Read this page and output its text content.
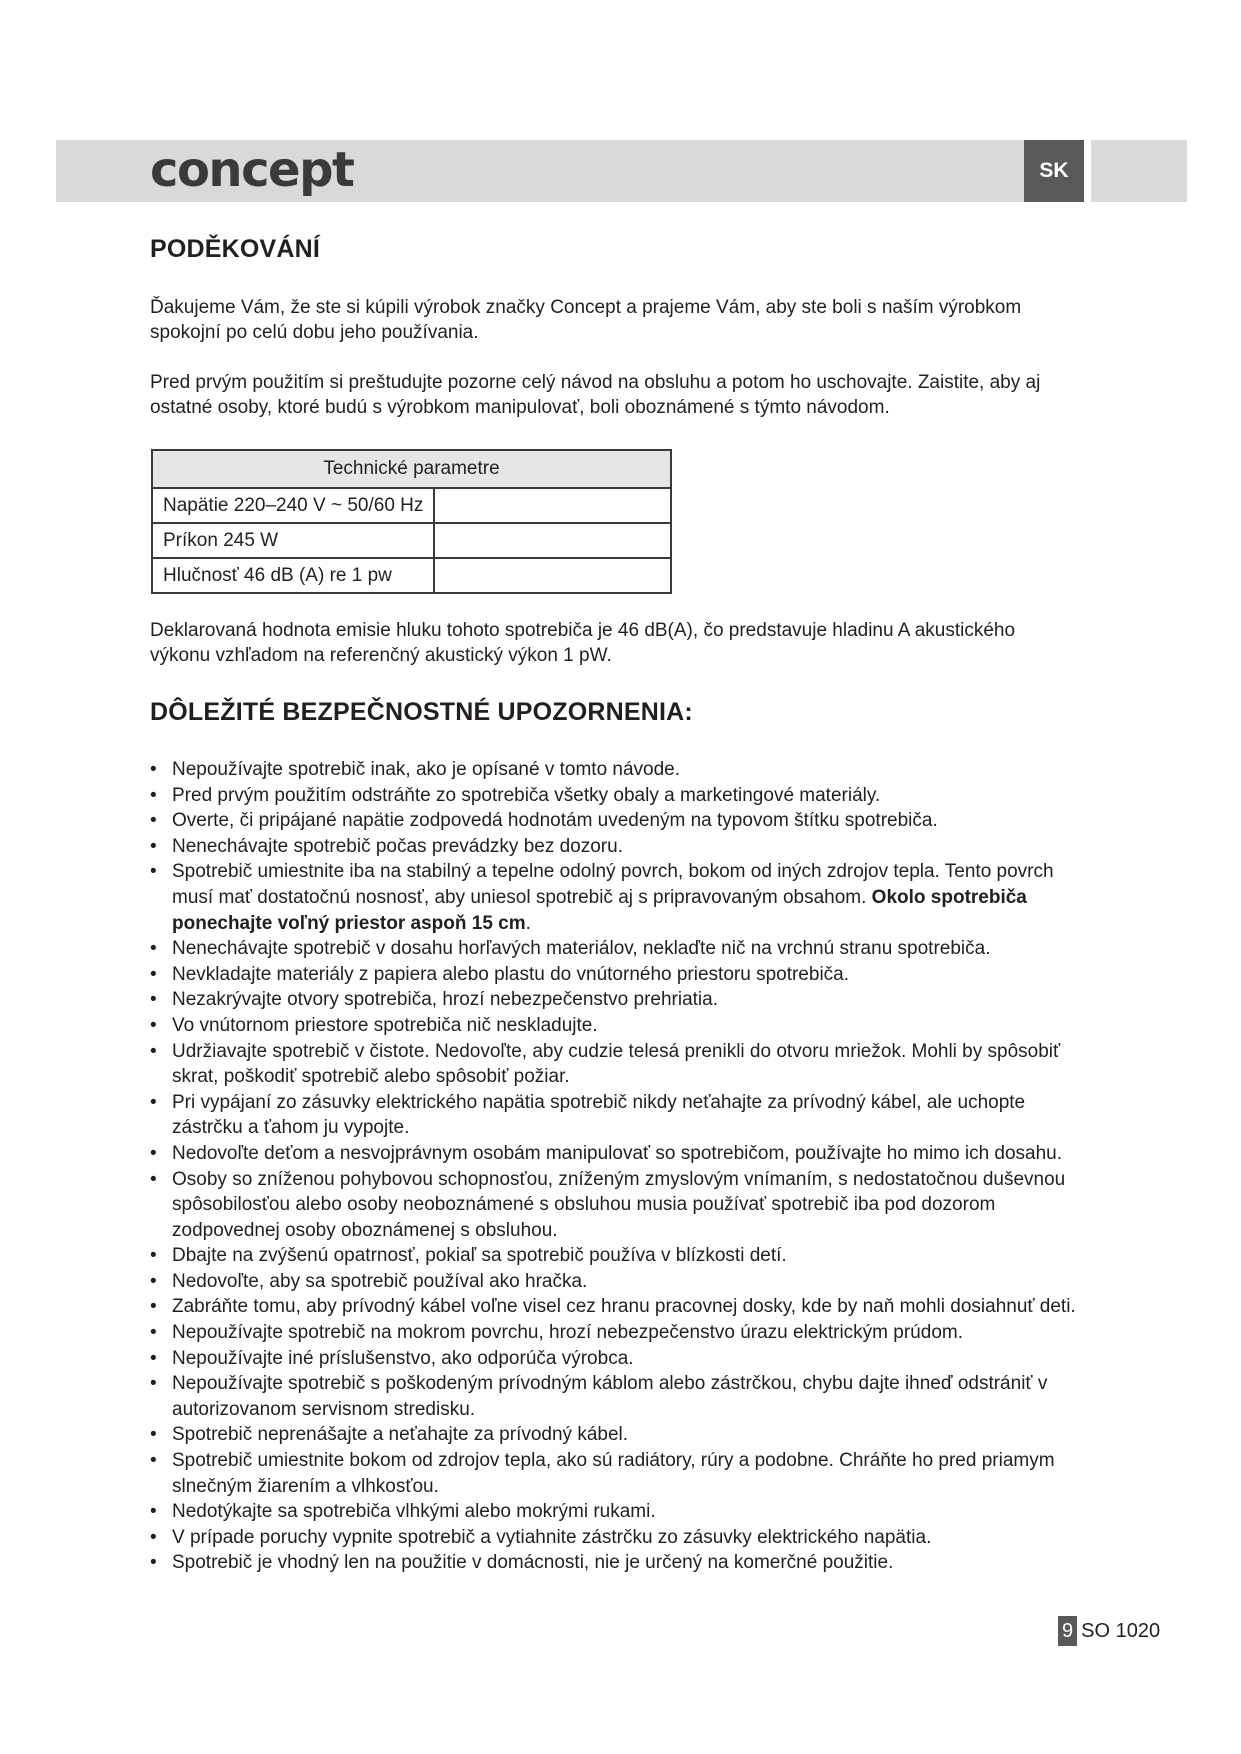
concept	SK
PODĚKOVÁNÍ

Ďakujeme Vám, že ste si kúpili výrobok značky Concept a prajeme Vám, aby ste boli s naším výrobkom spokojní po celú dobu jeho používania.

Pred prvým použitím si preštudujte pozorne celý návod na obsluhu a potom ho uschovajte. Zaistite, aby aj ostatné osoby, ktoré budú s výrobkom manipulovať, boli oboznámené s týmto návodom.

Technické parametre	
Napätie 220–240 V ~ 50/60 Hz	
Príkon 245 W	
Hlučnosť 46 dB (A) re 1 pw	

Deklarovaná hodnota emisie hluku tohoto spotrebiča je 46 dB(A), čo predstavuje hladinu A akustického výkonu vzhľadom na referenčný akustický výkon 1 pW.

DÔLEŽITÉ BEZPEČNOSTNÉ UPOZORNENIA:
• Nepoužívajte spotrebič inak, ako je opísané v tomto návode.
• Pred prvým použitím odstráňte zo spotrebiča všetky obaly a marketingové materiály.
• Overte, či pripájané napätie zodpovedá hodnotám uvedeným na typovom štítku spotrebiča.
• Nenechávajte spotrebič počas prevádzky bez dozoru.
• Spotrebič umiestnite iba na stabilný a tepelne odolný povrch, bokom od iných zdrojov tepla. Tento povrch musí mať dostatočnú nosnosť, aby uniesol spotrebič aj s pripravovaným obsahom. Okolo spotrebiča ponechajte voľný priestor aspoň 15 cm.
• Nenechávajte spotrebič v dosahu horľavých materiálov, neklaďte nič na vrchnú stranu spotrebiča.
• Nevkladajte materiály z papiera alebo plastu do vnútorného priestoru spotrebiča.
• Nezakrývajte otvory spotrebiča, hrozí nebezpečenstvo prehriatia.
• Vo vnútornom priestore spotrebiča nič neskladujte.
• Udržiavajte spotrebič v čistote. Nedovoľte, aby cudzie telesá prenikli do otvoru mriežok. Mohli by spôsobiť skrat, poškodiť spotrebič alebo spôsobiť požiar.
• Pri vypájaní zo zásuvky elektrického napätia spotrebič nikdy neťahajte za prívodný kábel, ale uchopte zástrčku a ťahom ju vypojte.
• Nedovoľte deťom a nesvojprávnym osobám manipulovať so spotrebičom, používajte ho mimo ich dosahu.
• Osoby so zníženou pohybovou schopnosťou, zníženým zmyslovým vnímaním, s nedostatočnou duševnou spôsobilosťou alebo osoby neoboznámené s obsluhou musia používať spotrebič iba pod dozorom zodpovednej osoby oboznámenej s obsluhou.
• Dbajte na zvýšenú opatrnosť, pokiaľ sa spotrebič používa v blízkosti detí.
• Nedovoľte, aby sa spotrebič používal ako hračka.
• Zabráňte tomu, aby prívodný kábel voľne visel cez hranu pracovnej dosky, kde by naň mohli dosiahnuť deti.
• Nepoužívajte spotrebič na mokrom povrchu, hrozí nebezpečenstvo úrazu elektrickým prúdom.
• Nepoužívajte iné príslušenstvo, ako odporúča výrobca.
• Nepoužívajte spotrebič s poškodeným prívodným káblom alebo zástrčkou, chybu dajte ihneď odstrániť v autorizovanom servisnom stredisku.
• Spotrebič neprenášajte a neťahajte za prívodný kábel.
• Spotrebič umiestnite bokom od zdrojov tepla, ako sú radiátory, rúry a podobne. Chráňte ho pred priamym slnečným žiarením a vlhkosťou.
• Nedotýkajte sa spotrebiča vlhkými alebo mokrými rukami.
• V prípade poruchy vypnite spotrebič a vytiahnite zástrčku zo zásuvky elektrického napätia.
• Spotrebič je vhodný len na použitie v domácnosti, nie je určený na komerčné použitie.
9 SO 1020
